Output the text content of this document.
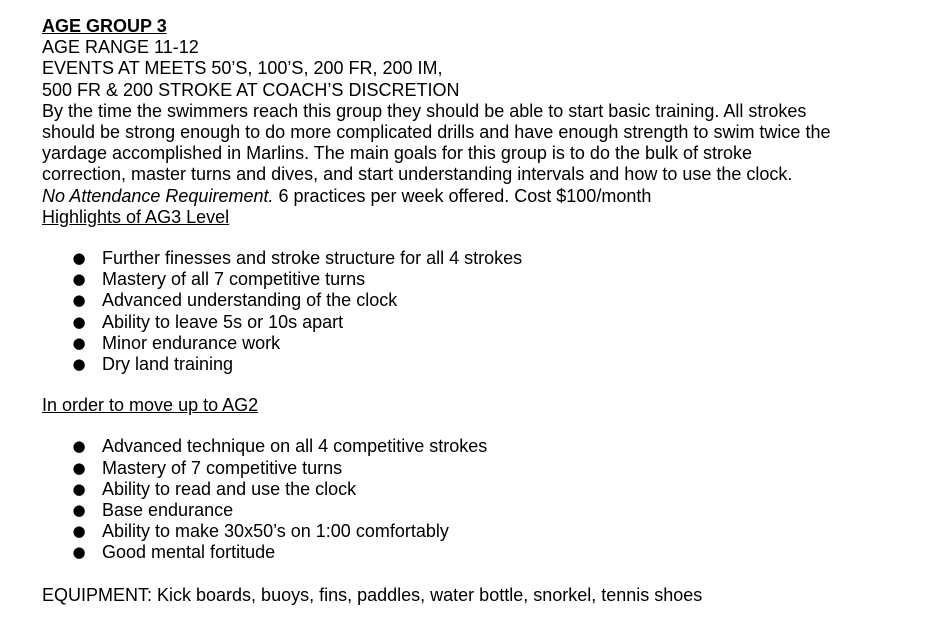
AGE GROUP 3
AGE RANGE 11-12
EVENTS AT MEETS 50’S, 100’S, 200 FR, 200 IM,
500 FR & 200 STROKE AT COACH’S DISCRETION
By the time the swimmers reach this group they should be able to start basic training. All strokes should be strong enough to do more complicated drills and have enough strength to swim twice the yardage accomplished in Marlins. The main goals for this group is to do the bulk of stroke correction, master turns and dives, and start understanding intervals and how to use the clock.
No Attendance Requirement. 6 practices per week offered. Cost $100/month
Highlights of AG3 Level
● Further finesses and stroke structure for all 4 strokes
● Mastery of all 7 competitive turns
● Advanced understanding of the clock
● Ability to leave 5s or 10s apart
● Minor endurance work
● Dry land training
In order to move up to AG2
● Advanced technique on all 4 competitive strokes
● Mastery of 7 competitive turns
● Ability to read and use the clock
● Base endurance
● Ability to make 30x50’s on 1:00 comfortably
● Good mental fortitude
EQUIPMENT: Kick boards, buoys, fins, paddles, water bottle, snorkel, tennis shoes
